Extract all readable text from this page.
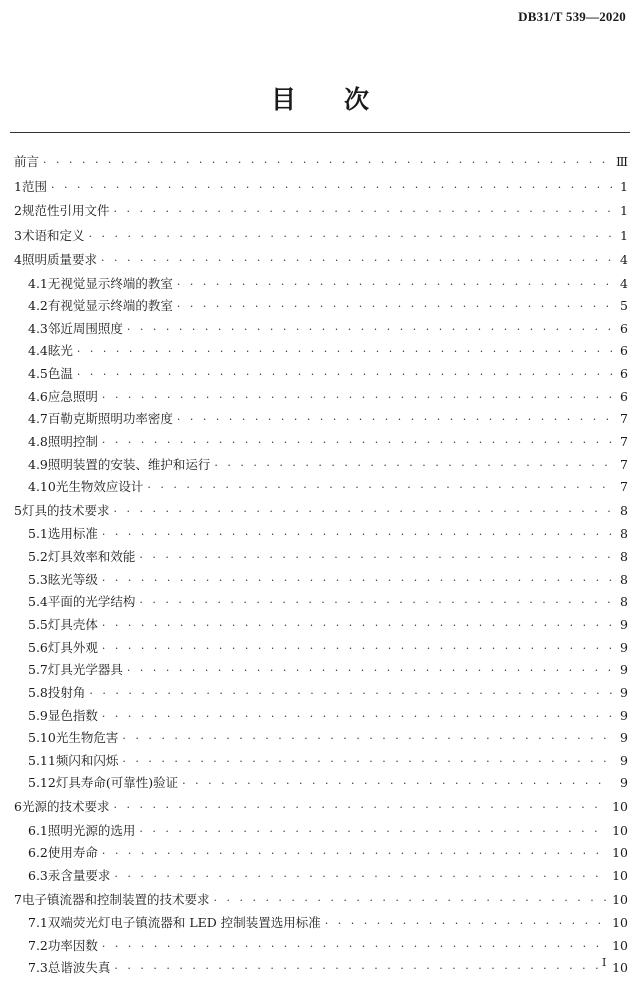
DB31/T 539—2020
目 次
前言 · · ·	Ⅲ
1 范围 · · ·	1
2 规范性引用文件 · · ·	1
3 术语和定义 · · ·	1
4 照明质量要求 · · ·	4
4.1 无视觉显示终端的教室 · · ·	4
4.2 有视觉显示终端的教室 · · ·	5
4.3 邻近周围照度 · · ·	6
4.4 眩光 · · ·	6
4.5 色温 · · ·	6
4.6 应急照明 · · ·	6
4.7 百勒克斯照明功率密度 · · ·	7
4.8 照明控制 · · ·	7
4.9 照明装置的安装、维护和运行 · · ·	7
4.10 光生物效应设计 · · ·	7
5 灯具的技术要求 · · ·	8
5.1 选用标准 · · ·	8
5.2 灯具效率和效能 · · ·	8
5.3 眩光等级 · · ·	8
5.4 平面的光学结构 · · ·	8
5.5 灯具壳体 · · ·	9
5.6 灯具外观 · · ·	9
5.7 灯具光学器具 · · ·	9
5.8 投射角 · · ·	9
5.9 显色指数 · · ·	9
5.10 光生物危害 · · ·	9
5.11 频闪和闪烁 · · ·	9
5.12 灯具寿命(可靠性)验证 · · ·	9
6 光源的技术要求 · · ·	10
6.1 照明光源的选用 · · ·	10
6.2 使用寿命 · · ·	10
6.3 汞含量要求 · · ·	10
7 电子镇流器和控制装置的技术要求 · · ·	10
7.1 双端荧光灯电子镇流器和 LED 控制装置选用标准 · · ·	10
7.2 功率因数 · · ·	10
7.3 总谐波失真 · · ·	10
I
